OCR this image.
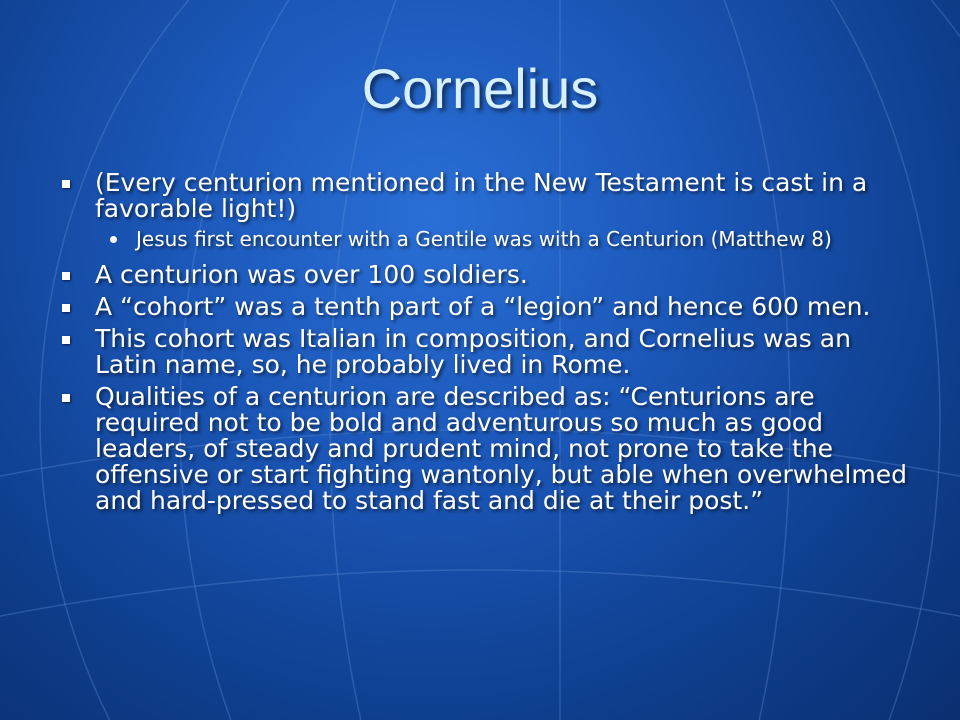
Cornelius
(Every centurion mentioned in the New Testament is cast in a favorable light!)
Jesus first encounter with a Gentile was with a Centurion (Matthew 8)
A centurion was over 100 soldiers.
A “cohort” was a tenth part of a “legion” and hence 600 men.
This cohort was Italian in composition, and Cornelius was an Latin name, so, he probably lived in Rome.
Qualities of a centurion are described as: “Centurions are required not to be bold and adventurous so much as good leaders, of steady and prudent mind, not prone to take the offensive or start fighting wantonly, but able when overwhelmed and hard-pressed to stand fast and die at their post.”
